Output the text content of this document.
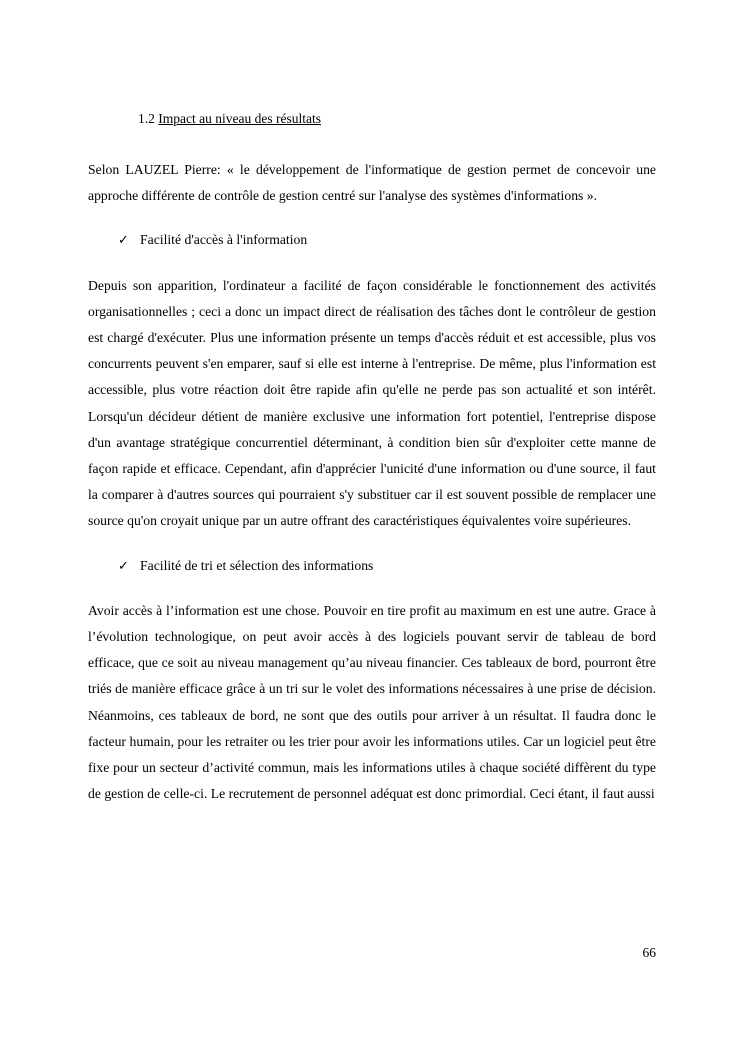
1.2 Impact au niveau des résultats

Selon LAUZEL Pierre: « le développement de l'informatique de gestion permet de concevoir une approche différente de contrôle de gestion centré sur l'analyse des systèmes d'informations ».

✓ Facilité d'accès à l'information

Depuis son apparition, l'ordinateur a facilité de façon considérable le fonctionnement des activités organisationnelles ; ceci a donc un impact direct de réalisation des tâches dont le contrôleur de gestion est chargé d'exécuter. Plus une information présente un temps d'accès réduit et est accessible, plus vos concurrents peuvent s'en emparer, sauf si elle est interne à l'entreprise. De même, plus l'information est accessible, plus votre réaction doit être rapide afin qu'elle ne perde pas son actualité et son intérêt. Lorsqu'un décideur détient de manière exclusive une information fort potentiel, l'entreprise dispose d'un avantage stratégique concurrentiel déterminant, à condition bien sûr d'exploiter cette manne de façon rapide et efficace. Cependant, afin d'apprécier l'unicité d'une information ou d'une source, il faut la comparer à d'autres sources qui pourraient s'y substituer car il est souvent possible de remplacer une source qu'on croyait unique par un autre offrant des caractéristiques équivalentes voire supérieures.

✓ Facilité de tri et sélection des informations

Avoir accès à l’information est une chose. Pouvoir en tire profit au maximum en est une autre. Grace à l’évolution technologique, on peut avoir accès à des logiciels pouvant servir de tableau de bord efficace, que ce soit au niveau management qu’au niveau financier. Ces tableaux de bord, pourront être triés de manière efficace grâce à un tri sur le volet des informations nécessaires à une prise de décision. Néanmoins, ces tableaux de bord, ne sont que des outils pour arriver à un résultat. Il faudra donc le facteur humain, pour les retraiter ou les trier pour avoir les informations utiles. Car un logiciel peut être fixe pour un secteur d’activité commun, mais les informations utiles à chaque société diffèrent du type de gestion de celle-ci. Le recrutement de personnel adéquat est donc primordial. Ceci étant, il faut aussi

66
